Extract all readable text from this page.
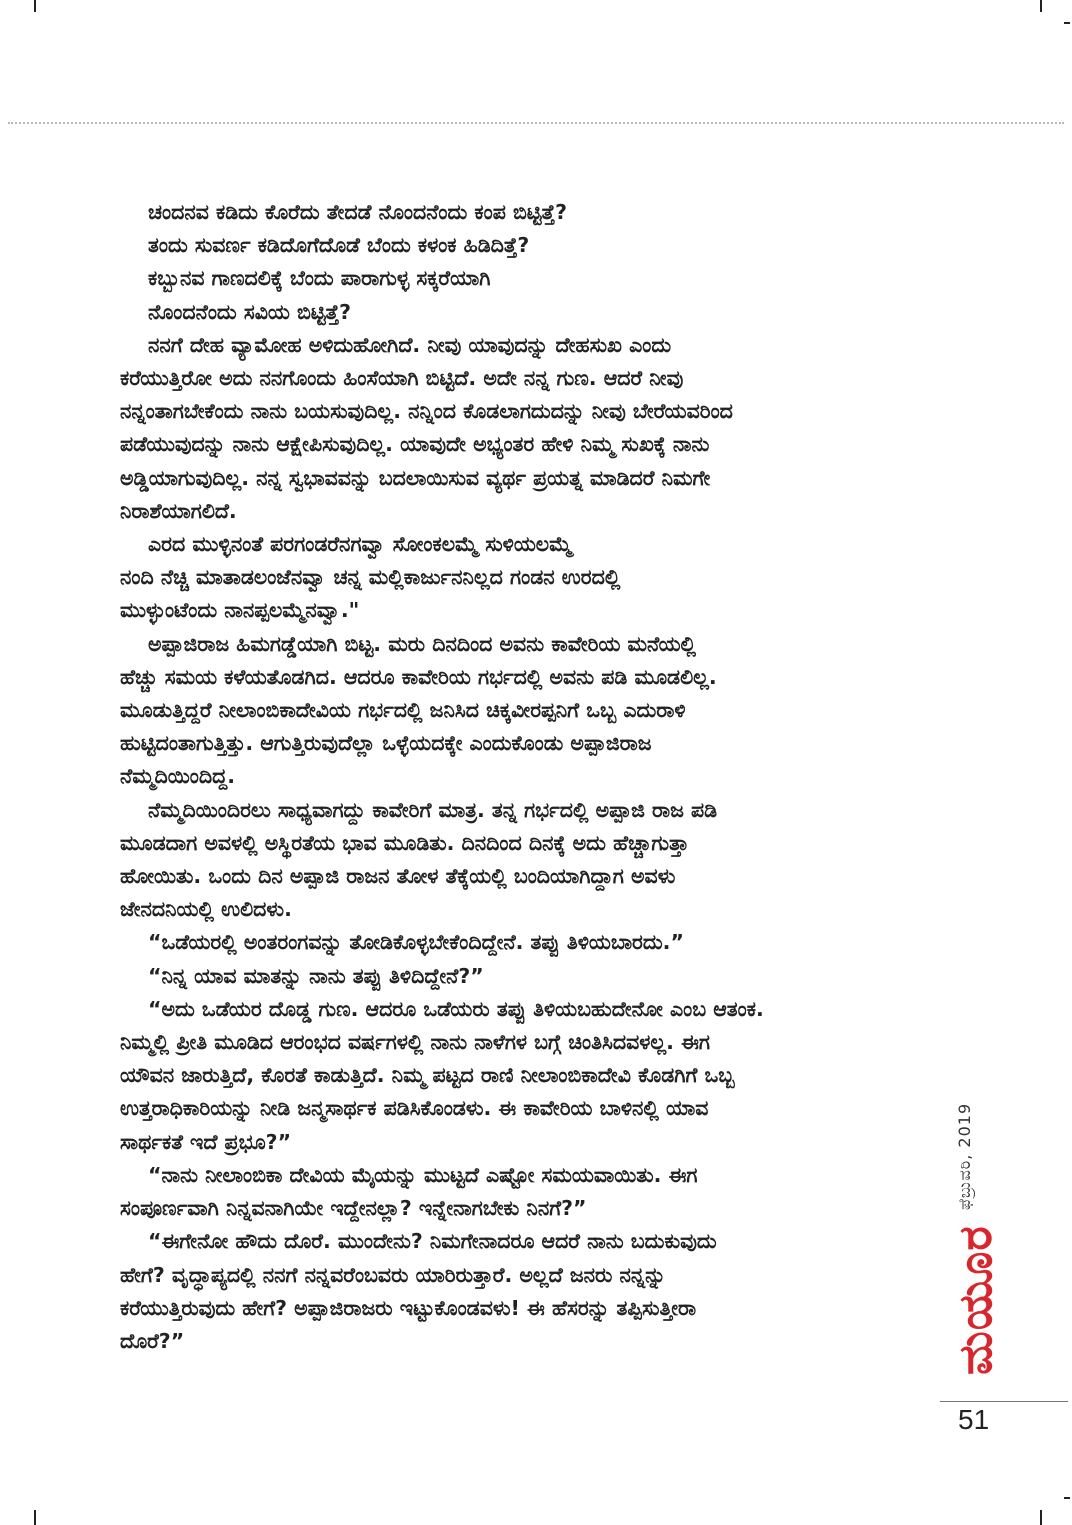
ಚಂದನವ ಕಡಿದು ಕೊರೆದು ತೇದಡೆ ನೊಂದನೆಂದು ಕಂಪ ಬಿಟ್ಟಿತ್ತೆ?
ತಂದು ಸುವರ್ಣ ಕಡಿದೊಗೆದೊಡೆ ಬೆಂದು ಕಳಂಕ ಹಿಡಿದಿತ್ತೆ?
ಕಬ್ಬುನವ ಗಾಣದಲಿಕ್ಕೆ ಬೆಂದು ಪಾರಾಗುಳ್ಳ ಸಕ್ಕರೆಯಾಗಿ
ನೊಂದನೆಂದು ಸವಿಯ ಬಿಟ್ಟಿತ್ತೆ?
ನನಗೆ ದೇಹ ವ್ಯಾಮೋಹ ಅಳಿದುಹೋಗಿದೆ. ನೀವು ಯಾವುದನ್ನು ದೇಹಸುಖ ಎಂದು
ಕರೆಯುತ್ತಿರೋ ಅದು ನನಗೊಂದು ಹಿಂಸೆಯಾಗಿ ಬಿಟ್ಟಿದೆ. ಅದೇ ನನ್ನ ಗುಣ. ಆದರೆ ನೀವು
ನನ್ನಂತಾಗಬೇಕೆಂದು ನಾನು ಬಯಸುವುದಿಲ್ಲ. ನನ್ನಿಂದ ಕೊಡಲಾಗದುದನ್ನು ನೀವು ಬೇರೆಯವರಿಂದ
ಪಡೆಯುವುದನ್ನು ನಾನು ಆಕ್ಷೇಪಿಸುವುದಿಲ್ಲ. ಯಾವುದೇ ಅಭ್ಯಂತರ ಹೇಳಿ ನಿಮ್ಮ ಸುಖಕ್ಕೆ ನಾನು
ಅಡ್ಡಿಯಾಗುವುದಿಲ್ಲ. ನನ್ನ ಸ್ವಭಾವವನ್ನು ಬದಲಾಯಿಸುವ ವ್ಯರ್ಥ ಪ್ರಯತ್ನ ಮಾಡಿದರೆ ನಿಮಗೇ
ನಿರಾಶೆಯಾಗಲಿದೆ.
ಎರದ ಮುಳ್ಳಿನಂತೆ ಪರಗಂಡರೆನಗವ್ವಾ ಸೋಂಕಲಮ್ಮೆ ಸುಳಿಯಲಮ್ಮೆ
ನಂದಿ ನೆಚ್ಚಿ ಮಾತಾಡಲಂಜೆನವ್ವಾ ಚನ್ನ ಮಲ್ಲಿಕಾರ್ಜುನನಿಲ್ಲದ ಗಂಡನ ಉರದಲ್ಲಿ
ಮುಳ್ಳುಂಟೆಂದು ನಾನಪ್ಪಲಮ್ಮೆನವ್ವಾ."
ಅಪ್ಪಾಜಿರಾಜ ಹಿಮಗಡ್ಡೆಯಾಗಿ ಬಿಟ್ಟ. ಮರು ದಿನದಿಂದ ಅವನು ಕಾವೇರಿಯ ಮನೆಯಲ್ಲಿ
ಹೆಚ್ಚು ಸಮಯ ಕಳೆಯತೊಡಗಿದ. ಆದರೂ ಕಾವೇರಿಯ ಗರ್ಭದಲ್ಲಿ ಅವನು ಪಡಿ ಮೂಡಲಿಲ್ಲ.
ಮೂಡುತ್ತಿದ್ದರೆ ನೀಲಾಂಬಿಕಾದೇವಿಯ ಗರ್ಭದಲ್ಲಿ ಜನಿಸಿದ ಚಿಕ್ಕವೀರಪ್ಪನಿಗೆ ಒಬ್ಬ ಎದುರಾಳಿ
ಹುಟ್ಟಿದಂತಾಗುತ್ತಿತ್ತು. ಆಗುತ್ತಿರುವುದೆಲ್ಲಾ ಒಳ್ಳೆಯದಕ್ಕೇ ಎಂದುಕೊಂಡು ಅಪ್ಪಾಜಿರಾಜ
ನೆಮ್ಮದಿಯಿಂದಿದ್ದ.
ನೆಮ್ಮದಿಯಿಂದಿರಲು ಸಾಧ್ಯವಾಗದ್ದು ಕಾವೇರಿಗೆ ಮಾತ್ರ. ತನ್ನ ಗರ್ಭದಲ್ಲಿ ಅಪ್ಪಾಜಿ ರಾಜ ಪಡಿ
ಮೂಡದಾಗ ಅವಳಲ್ಲಿ ಅಸ್ಥಿರತೆಯ ಭಾವ ಮೂಡಿತು. ದಿನದಿಂದ ದಿನಕ್ಕೆ ಅದು ಹೆಚ್ಚಾಗುತ್ತಾ
ಹೋಯಿತು. ಒಂದು ದಿನ ಅಪ್ಪಾಜಿ ರಾಜನ ತೋಳ ತೆಕ್ಕೆಯಲ್ಲಿ ಬಂದಿಯಾಗಿದ್ದಾಗ ಅವಳು
ಜೇನದನಿಯಲ್ಲಿ ಉಲಿದಳು.
“ಒಡೆಯರಲ್ಲಿ ಅಂತರಂಗವನ್ನು ತೋಡಿಕೊಳ್ಳಬೇಕೆಂದಿದ್ದೇನೆ. ತಪ್ಪು ತಿಳಿಯಬಾರದು.”
“ನಿನ್ನ ಯಾವ ಮಾತನ್ನು ನಾನು ತಪ್ಪು ತಿಳಿದಿದ್ದೇನೆ?”
“ಅದು ಒಡೆಯರ ದೊಡ್ಡ ಗುಣ. ಆದರೂ ಒಡೆಯರು ತಪ್ಪು ತಿಳಿಯಬಹುದೇನೋ ಎಂಬ ಆತಂಕ.
ನಿಮ್ಮಲ್ಲಿ ಪ್ರೀತಿ ಮೂಡಿದ ಆರಂಭದ ವರ್ಷಗಳಲ್ಲಿ ನಾನು ನಾಳೆಗಳ ಬಗ್ಗೆ ಚಿಂತಿಸಿದವಳಲ್ಲ. ಈಗ
ಯೌವನ ಜಾರುತ್ತಿದೆ, ಕೊರತೆ ಕಾಡುತ್ತಿದೆ. ನಿಮ್ಮ ಪಟ್ಟದ ರಾಣಿ ನೀಲಾಂಬಿಕಾದೇವಿ ಕೊಡಗಿಗೆ ಒಬ್ಬ
ಉತ್ತರಾಧಿಕಾರಿಯನ್ನು ನೀಡಿ ಜನ್ಮಸಾರ್ಥಕ ಪಡಿಸಿಕೊಂಡಳು. ಈ ಕಾವೇರಿಯ ಬಾಳಿನಲ್ಲಿ ಯಾವ
ಸಾರ್ಥಕತೆ ಇದೆ ಪ್ರಭೂ?”
“ನಾನು ನೀಲಾಂಬಿಕಾ ದೇವಿಯ ಮೈಯನ್ನು ಮುಟ್ಟದೆ ಎಷ್ಟೋ ಸಮಯವಾಯಿತು. ಈಗ
ಸಂಪೂರ್ಣವಾಗಿ ನಿನ್ನವನಾಗಿಯೇ ಇದ್ದೇನಲ್ಲಾ? ಇನ್ನೇನಾಗಬೇಕು ನಿನಗೆ?”
“ಈಗೇನೋ ಹೌದು ದೊರೆ. ಮುಂದೇನು? ನಿಮಗೇನಾದರೂ ಆದರೆ ನಾನು ಬದುಕುವುದು
ಹೇಗೆ? ವೃದ್ಧಾಪ್ಯದಲ್ಲಿ ನನಗೆ ನನ್ನವರೆಂಬವರು ಯಾರಿರುತ್ತಾರೆ. ಅಲ್ಲದೆ ಜನರು ನನ್ನನ್ನು
ಕರೆಯುತ್ತಿರುವುದು ಹೇಗೆ? ಅಪ್ಪಾಜಿರಾಜರು ಇಟ್ಟುಕೊಂಡವಳು! ಈ ಹೆಸರನ್ನು ತಪ್ಪಿಸುತ್ತೀರಾ
ದೊರೆ?”
ಫೆಬ್ರುವರಿ, 2019
ಮಯೂರ
51
